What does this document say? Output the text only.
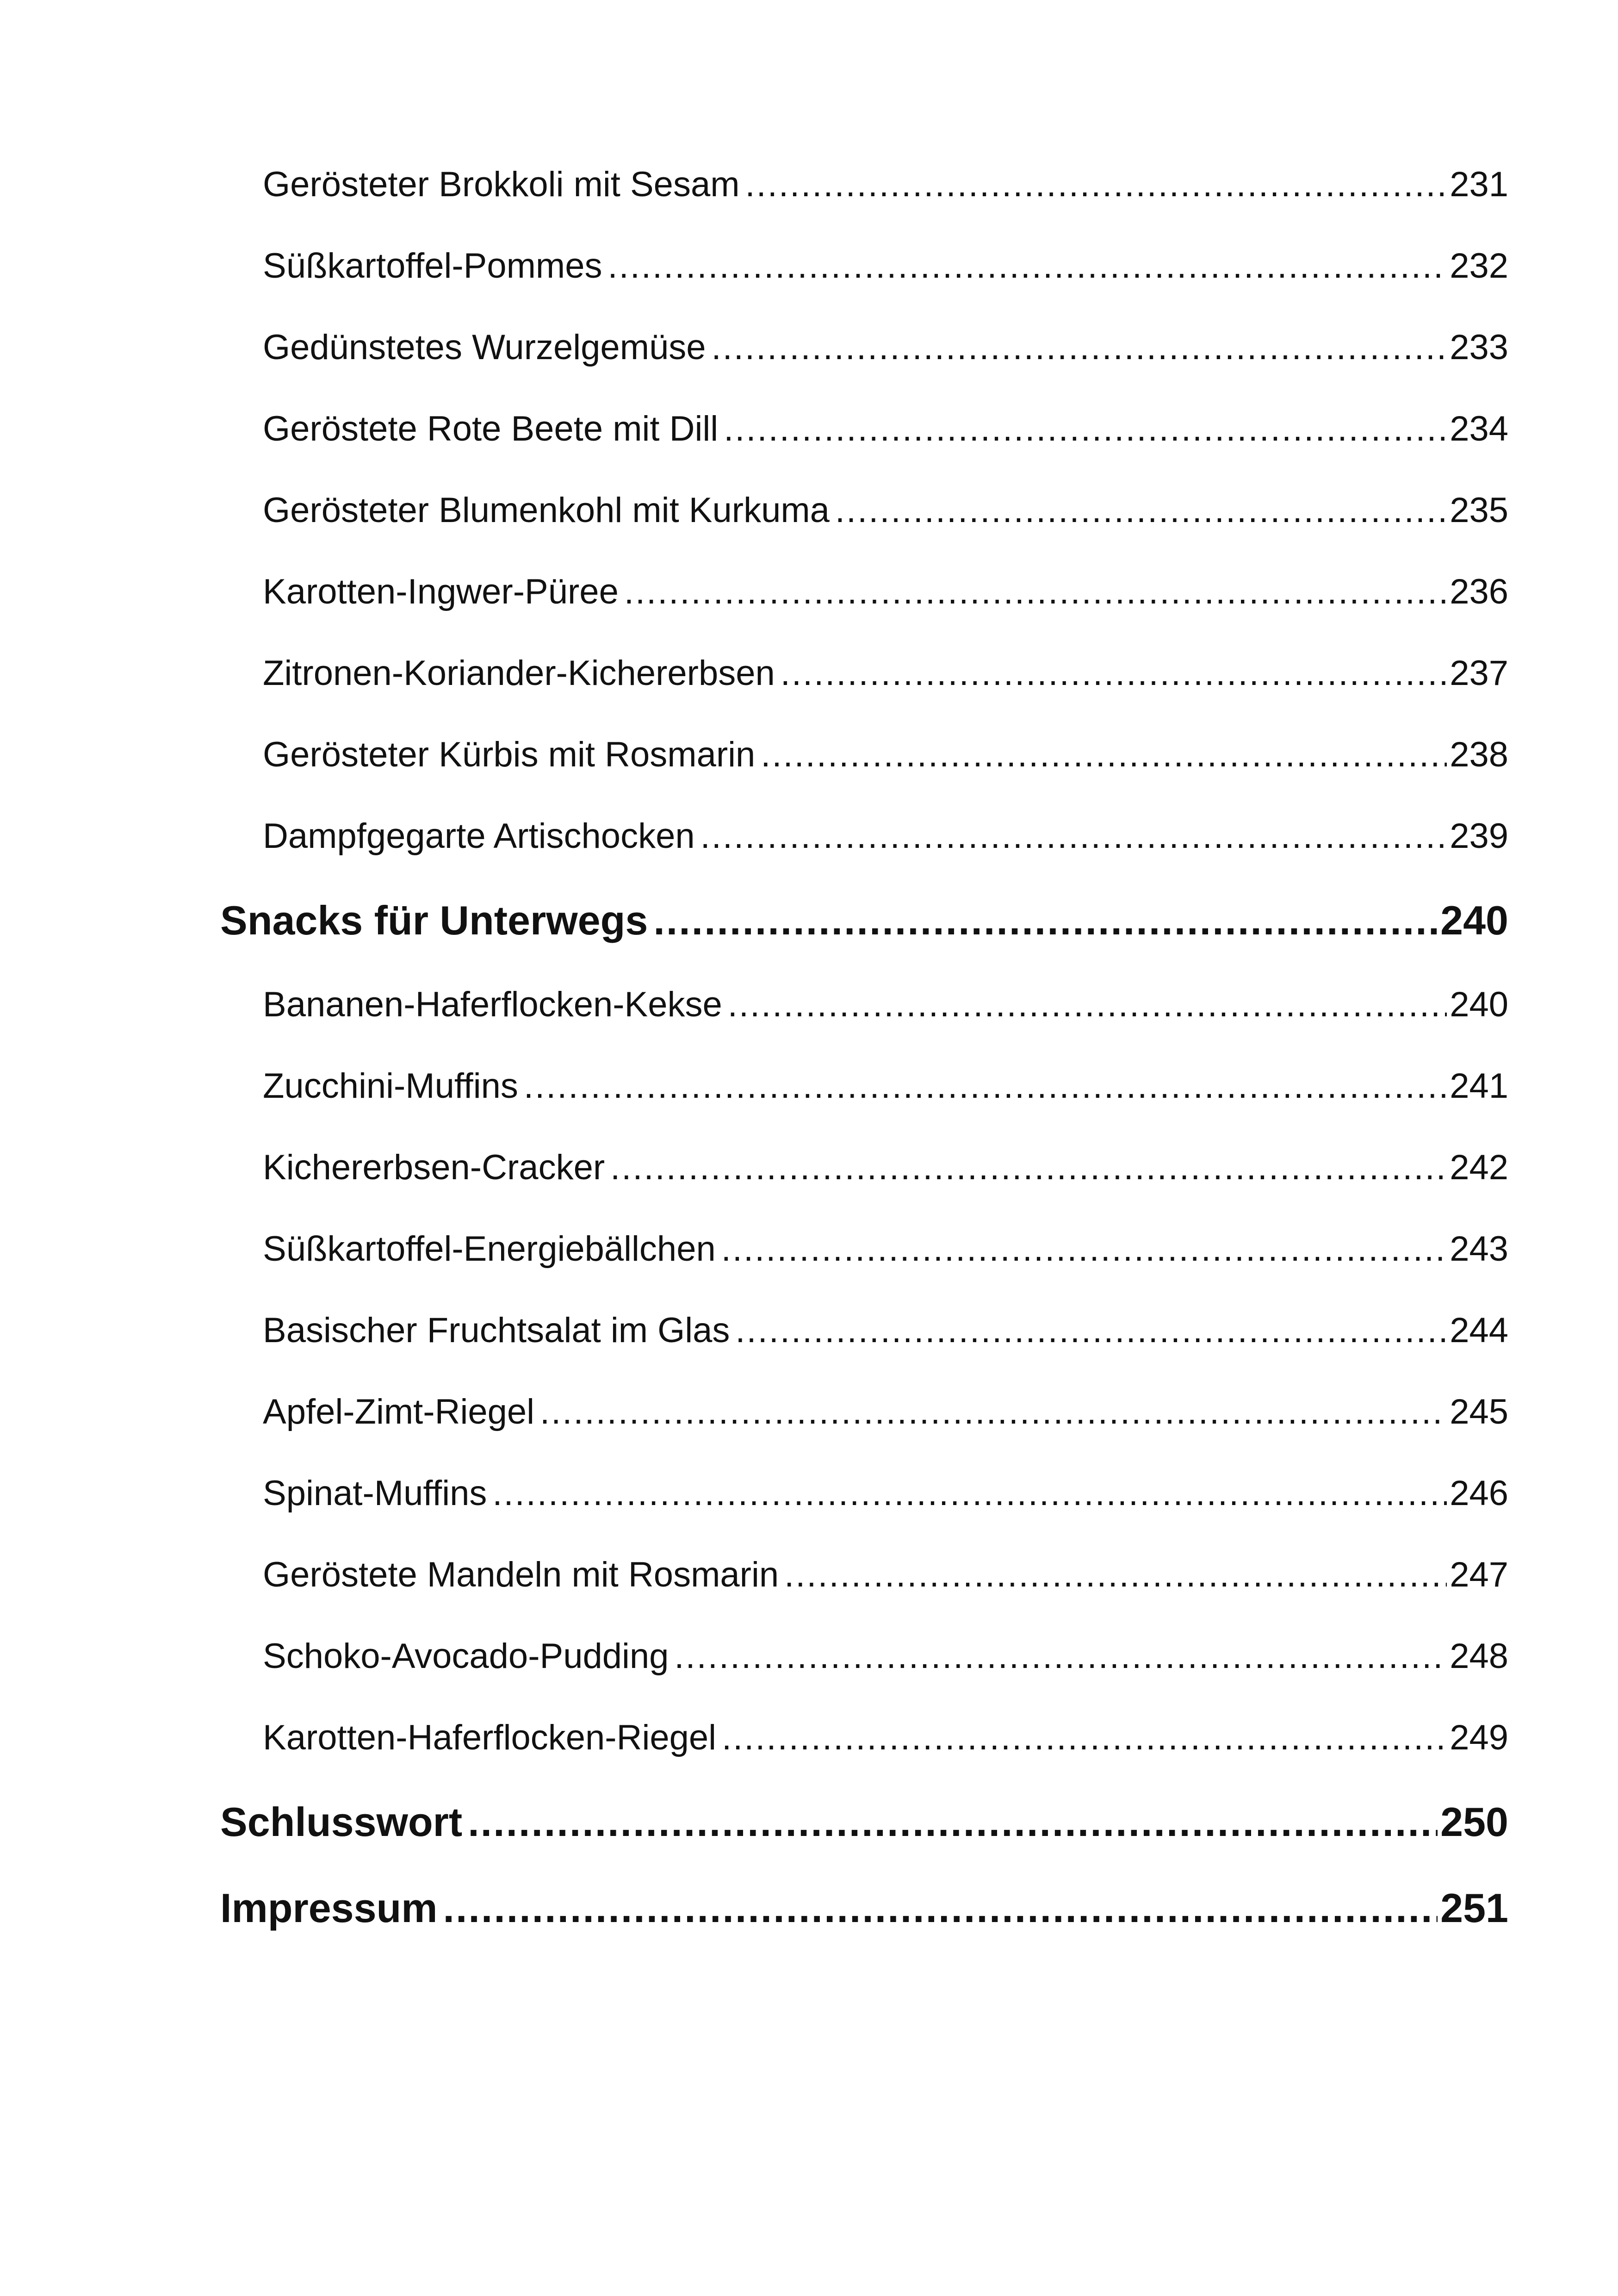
Gerösteter Brokkoli mit Sesam .....	231
Süßkartoffel-Pommes .....	232
Gedünstetes Wurzelgemüse .....	233
Geröstete Rote Beete mit Dill .....	234
Gerösteter Blumenkohl mit Kurkuma .....	235
Karotten-Ingwer-Püree .....	236
Zitronen-Koriander-Kichererbsen .....	237
Gerösteter Kürbis mit Rosmarin .....	238
Dampfgegarte Artischocken .....	239
Snacks für Unterwegs .....	240
Bananen-Haferflocken-Kekse .....	240
Zucchini-Muffins .....	241
Kichererbsen-Cracker .....	242
Süßkartoffel-Energiebällchen .....	243
Basischer Fruchtsalat im Glas .....	244
Apfel-Zimt-Riegel .....	245
Spinat-Muffins .....	246
Geröstete Mandeln mit Rosmarin .....	247
Schoko-Avocado-Pudding .....	248
Karotten-Haferflocken-Riegel .....	249
Schlusswort .....	250
Impressum .....	251
